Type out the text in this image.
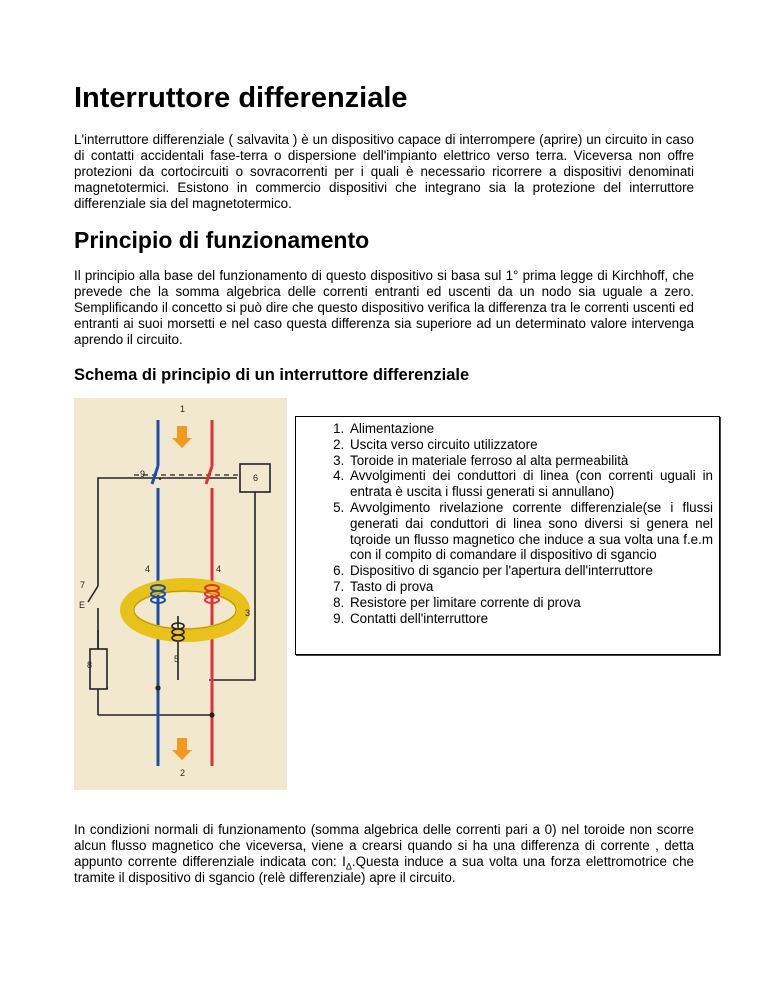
Interruttore differenziale

L'interruttore differenziale ( salvavita ) è un dispositivo capace di interrompere (aprire) un circuito in caso di contatti accidentali fase-terra o dispersione dell'impianto elettrico verso terra. Viceversa non offre protezioni da cortocircuiti o sovracorrenti per i quali è necessario ricorrere a dispositivi denominati magnetotermici. Esistono in commercio dispositivi che integrano sia la protezione del interruttore differenziale sia del magnetotermico.

Principio di funzionamento

Il principio alla base del funzionamento di questo dispositivo si basa sul 1° prima legge di Kirchhoff, che prevede che la somma algebrica delle correnti entranti ed uscenti da un nodo sia uguale a zero. Semplificando il concetto si può dire che questo dispositivo verifica la differenza tra le correnti uscenti ed entranti ai suoi morsetti e nel caso questa differenza sia superiore ad un determinato valore intervenga aprendo il circuito.

Schema di principio di un interruttore differenziale
1
2
3
4	4
5
6
7
8
9
E
1. Alimentazione
2. Uscita verso circuito utilizzatore
3. Toroide in materiale ferroso al alta permeabilità
4. Avvolgimenti dei conduttori di linea (con correnti uguali in entrata è uscita i flussi generati si annullano)
5. Avvolgimento rivelazione corrente differenziale(se i flussi generati dai conduttori di linea sono diversi si genera nel toroide un flusso magnetico che induce a sua volta una f.e.m con il compito di comandare il dispositivo di sgancio
6. Dispositivo di sgancio per l'apertura dell'interruttore
7. Tasto di prova
8. Resistore per limitare corrente di prova
9. Contatti dell'interruttore

In condizioni normali di funzionamento (somma algebrica delle correnti pari a 0) nel toroide non scorre alcun flusso magnetico che viceversa, viene a crearsi quando si ha una differenza di corrente , detta appunto corrente differenziale indicata con: $I_\Delta.Questa$ induce a sua volta una forza elettromotrice che tramite il dispositivo di sgancio (relè differenziale) apre il circuito.
